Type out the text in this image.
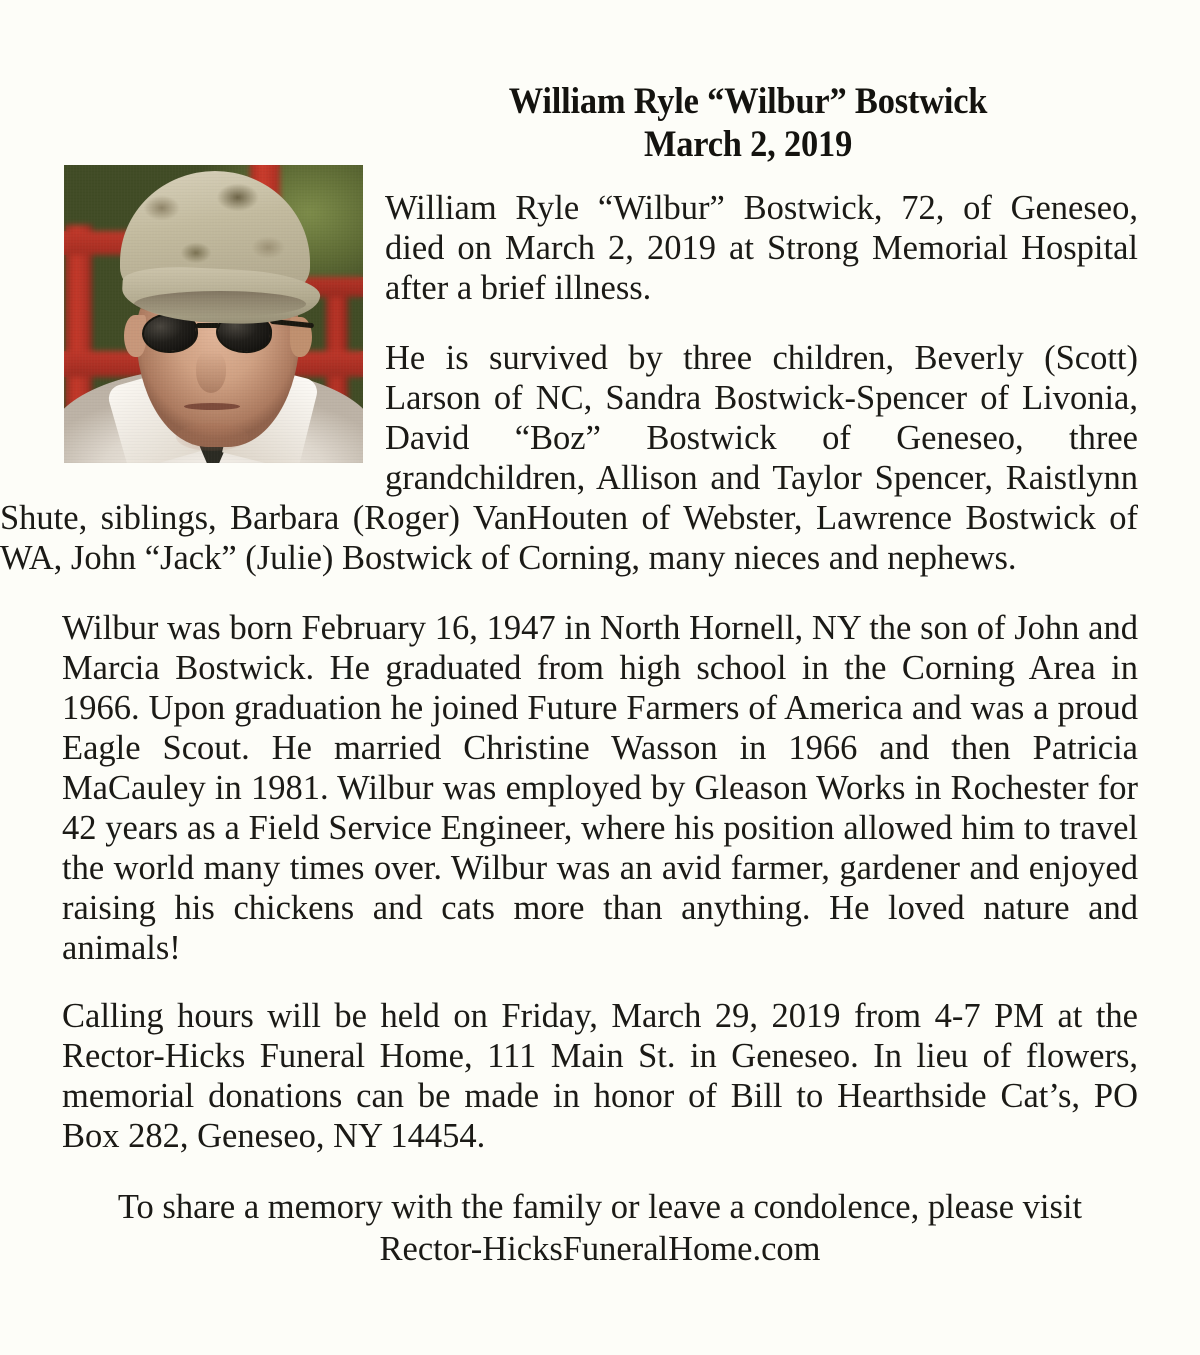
William Ryle “Wilbur” Bostwick
March 2, 2019

William Ryle “Wilbur” Bostwick, 72, of Geneseo, died on March 2, 2019 at Strong Memorial Hospital after a brief illness.

He is survived by three children, Beverly (Scott) Larson of NC, Sandra Bostwick-Spencer of Livonia, David “Boz” Bostwick of Geneseo, three grandchildren, Allison and Taylor Spencer, Raistlynn Shute, siblings, Barbara (Roger) VanHouten of Webster, Lawrence Bostwick of WA, John “Jack” (Julie) Bostwick of Corning, many nieces and nephews.

Wilbur was born February 16, 1947 in North Hornell, NY the son of John and Marcia Bostwick. He graduated from high school in the Corning Area in 1966. Upon graduation he joined Future Farmers of America and was a proud Eagle Scout. He married Christine Wasson in 1966 and then Patricia MaCauley in 1981. Wilbur was employed by Gleason Works in Rochester for 42 years as a Field Service Engineer, where his position allowed him to travel the world many times over. Wilbur was an avid farmer, gardener and enjoyed raising his chickens and cats more than anything. He loved nature and animals!

Calling hours will be held on Friday, March 29, 2019 from 4-7 PM at the Rector-Hicks Funeral Home, 111 Main St. in Geneseo. In lieu of flowers, memorial donations can be made in honor of Bill to Hearthside Cat’s, PO Box 282, Geneseo, NY 14454.

To share a memory with the family or leave a condolence, please visit
Rector-HicksFuneralHome.com
